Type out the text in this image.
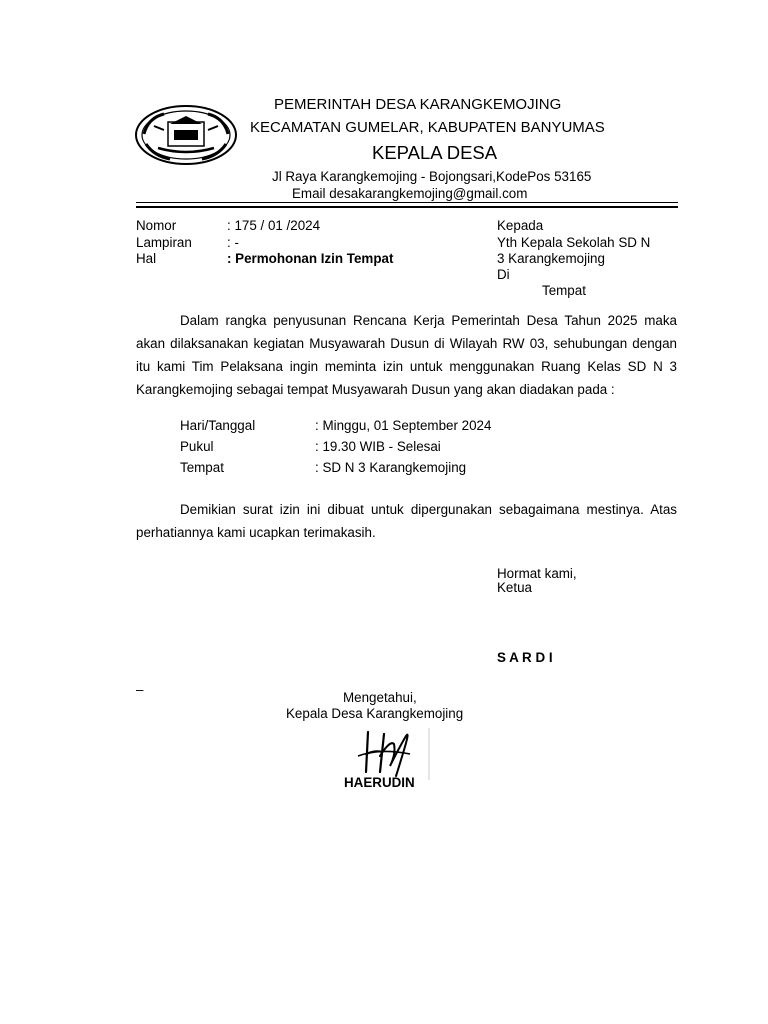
PEMERINTAH DESA KARANGKEMOJING
KECAMATAN GUMELAR, KABUPATEN BANYUMAS
KEPALA DESA
Jl Raya Karangkemojing - Bojongsari,KodePos 53165
Email desakarangkemojing@gmail.com
Nomor	: 175 / 01 /2024
Lampiran	: -
Hal	: Permohonan Izin Tempat
Kepada
Yth Kepala Sekolah SD N
3 Karangkemojing
Di
Tempat
Dalam rangka penyusunan Rencana Kerja Pemerintah Desa Tahun 2025 maka akan dilaksanakan kegiatan Musyawarah Dusun di Wilayah RW 03, sehubungan dengan itu kami Tim Pelaksana ingin meminta izin untuk menggunakan Ruang Kelas SD N 3 Karangkemojing sebagai tempat Musyawarah Dusun yang akan diadakan pada :
Hari/Tanggal	: Minggu, 01 September 2024
Pukul	: 19.30 WIB - Selesai
Tempat	: SD N 3 Karangkemojing
Demikian surat izin ini dibuat untuk dipergunakan sebagaimana mestinya. Atas perhatiannya kami ucapkan terimakasih.
Hormat kami,
Ketua
S A R D I
–
Mengetahui,
Kepala Desa Karangkemojing
HAERUDIN
